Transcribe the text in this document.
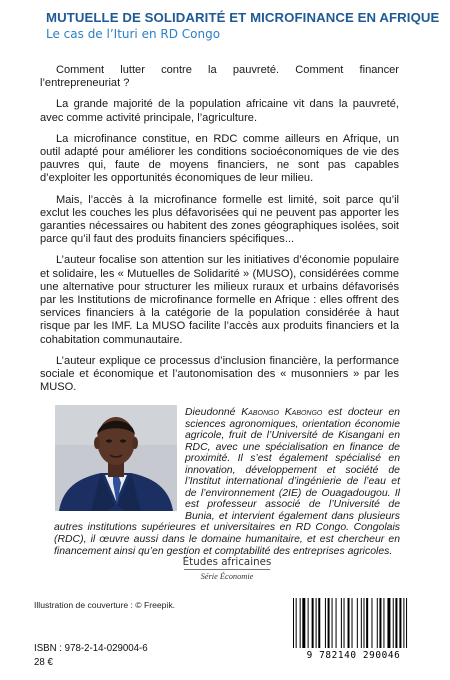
MUTUELLE DE SOLIDARITÉ ET MICROFINANCE EN AFRIQUE
Le cas de l’Ituri en RD Congo

Comment lutter contre la pauvreté. Comment financer l’entrepreneuriat ?

La grande majorité de la population africaine vit dans la pauvreté, avec comme activité principale, l’agriculture.

La microfinance constitue, en RDC comme ailleurs en Afrique, un outil adapté pour améliorer les conditions socioéconomiques de vie des pauvres qui, faute de moyens financiers, ne sont pas capables d’exploiter les opportunités économiques de leur milieu.

Mais, l’accès à la microfinance formelle est limité, soit parce qu’il exclut les couches les plus défavorisées qui ne peuvent pas apporter les garanties nécessaires ou habitent des zones géographiques isolées, soit parce qu’il faut des produits financiers spécifiques...

L’auteur focalise son attention sur les initiatives d’économie populaire et solidaire, les « Mutuelles de Solidarité » (MUSO), considérées comme une alternative pour structurer les milieux ruraux et urbains défavorisés par les Institutions de microfinance formelle en Afrique : elles offrent des services financiers à la catégorie de la population considérée à haut risque par les IMF. La MUSO facilite l’accès aux produits financiers et la cohabitation communautaire.

L’auteur explique ce processus d’inclusion financière, la performance sociale et économique et l’autonomisation des « musonniers » par les MUSO.

Dieudonné Kabongo Kabongo est docteur en sciences agronomiques, orientation économie agricole, fruit de l’Université de Kisangani en RDC, avec une spécialisation en finance de proximité. Il s’est également spécialisé en innovation, développement et société de l’Institut international d’ingénierie de l’eau et de l’environnement (2IE) de Ouagadougou. Il est professeur associé de l’Université de Bunia, et intervient également dans plusieurs autres institutions supérieures et universitaires en RD Congo. Congolais (RDC), il œuvre aussi dans le domaine humanitaire, et est chercheur en financement ainsi qu’en gestion et comptabilité des entreprises agricoles.
Études africaines
Série Économie
Illustration de couverture : © Freepik.
ISBN : 978-2-14-029004-6
28 €
9 782140 290046
